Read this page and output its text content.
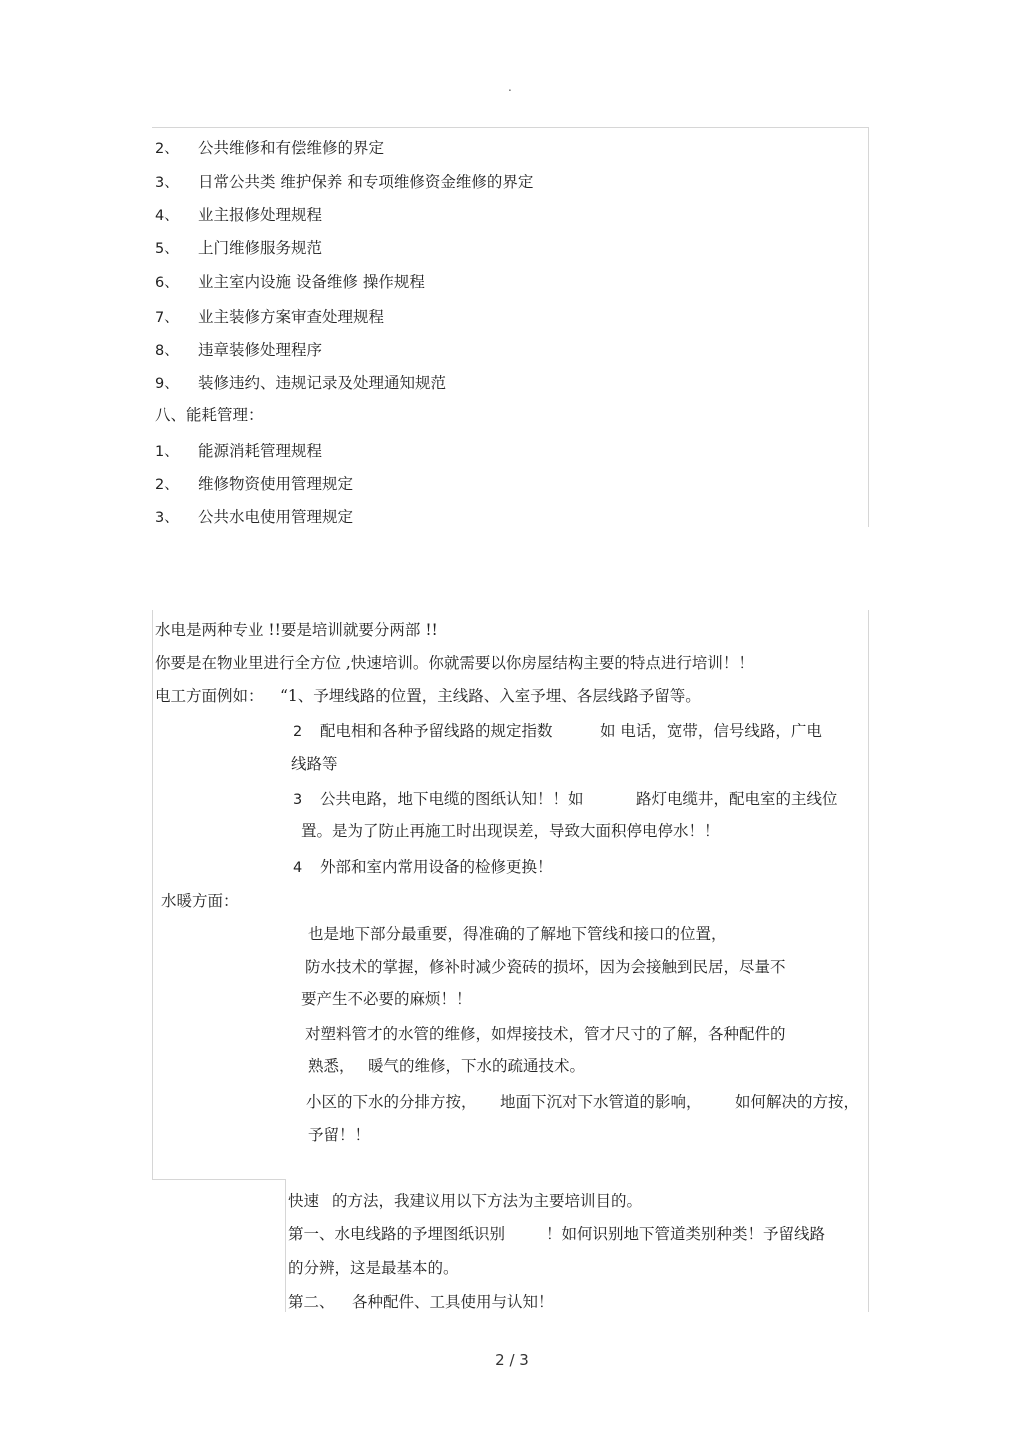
.
2、 公共维修和有偿维修的界定
3、 日常公共类 维护保养 和专项维修资金维修的界定
4、 业主报修处理规程
5、 上门维修服务规范
6、 业主室内设施 设备维修 操作规程
7、 业主装修方案审查处理规程
8、 违章装修处理程序
9、 装修违约、违规记录及处理通知规范
八、能耗管理：
1、 能源消耗管理规程
2、 维修物资使用管理规定
3、 公共水电使用管理规定
水电是两种专业 !!要是培训就要分两部 !!
你要是在物业里进行全方位 ,快速培训。你就需要以你房屋结构主要的特点进行培训！！
电工方面例如： “1、予埋线路的位置，主线路、入室予埋、各层线路予留等。
2 配电相和各种予留线路的规定指数	如 电话，宽带，信号线路，广电
线路等
3 公共电路，地下电缆的图纸认知！！如	路灯电缆井，配电室的主线位
置。是为了防止再施工时出现误差，导致大面积停电停水！！
4 外部和室内常用设备的检修更换！
水暖方面：
也是地下部分最重要，得准确的了解地下管线和接口的位置，
防水技术的掌握，修补时减少瓷砖的损坏，因为会接触到民居，尽量不
要产生不必要的麻烦！！
对塑料管才的水管的维修，如焊接技术，管才尺寸的了解，各种配件的
熟悉， 暖气的维修，下水的疏通技术。
小区的下水的分排方按， 地面下沉对下水管道的影响， 如何解决的方按，
予留！！
快速 的方法，我建议用以下方法为主要培训目的。
第一、水电线路的予埋图纸识别	！如何识别地下管道类别种类！予留线路
的分辨，这是最基本的。
第二、 各种配件、工具使用与认知！
2 / 3
